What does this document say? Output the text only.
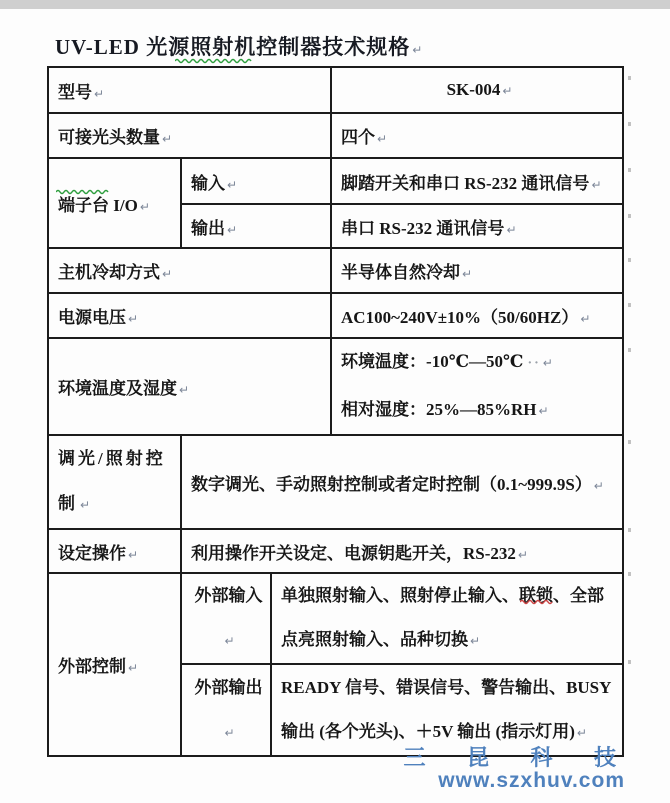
UV-LED 光源照射机控制器技术规格 ↵
型号 ↵			SK-004 ↵
可接光头数量 ↵			四个 ↵
端子台 I/O ↵	输入 ↵		脚踏开关和串口 RS-232 通讯信号 ↵
	输出 ↵		串口 RS-232 通讯信号 ↵
主机冷却方式 ↵			半导体自然冷却 ↵
电源电压 ↵			AC100~240V±10%（50/60HZ） ↵
环境温度及湿度 ↵			环境温度：-10℃—50℃ ·· ↵
相对湿度：25%—85%RH ↵

调光/照射控制 ↵	数字调光、手动照射控制或者定时控制（0.1~999.9S） ↵		
设定操作 ↵	利用操作开关设定、电源钥匙开关，RS-232 ↵		
外部控制 ↵	外部输入↵	单独照射输入、照射停止输入、联锁、全部点亮照射输入、品种切换 ↵	
	外部输出↵	READY 信号、错误信号、警告输出、BUSY 输出 (各个光头)、＋5V 输出 (指示灯用) ↵	
三 昆 科 技
www.szxhuv.com
